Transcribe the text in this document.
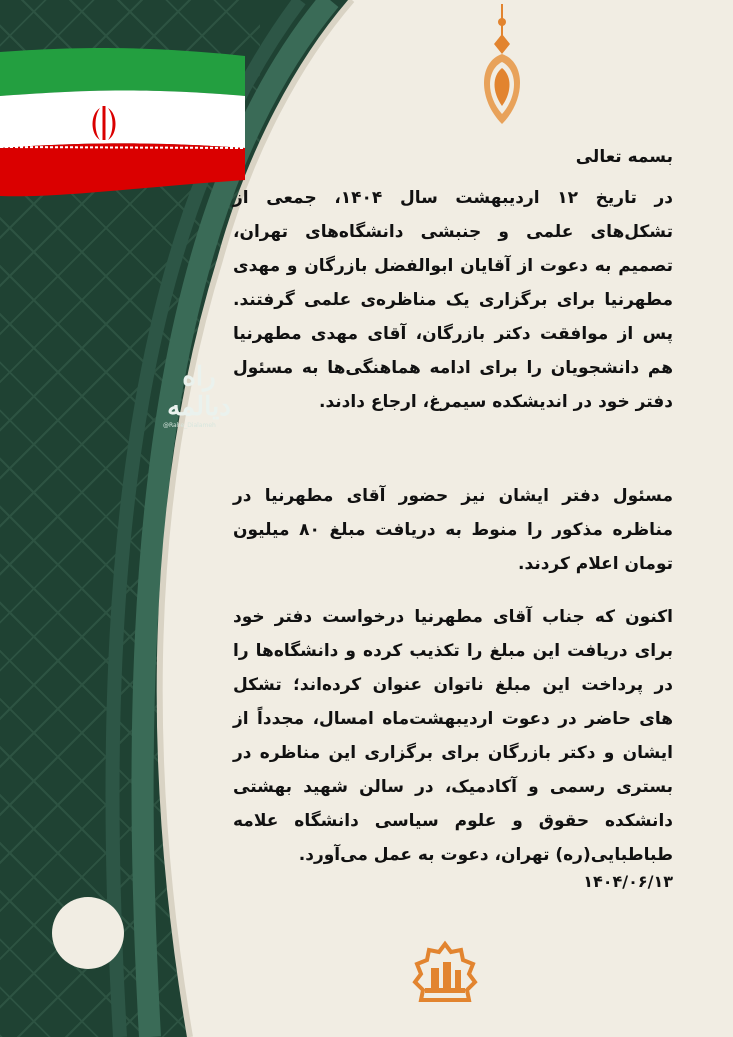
راه دیالمه
@Rahe_Dialameh
بسمه تعالی
در تاریخ ۱۲ اردیبهشت سال ۱۴۰۴، جمعی از تشکل‌های علمی و جنبشی دانشگاه‌های تهران، تصمیم به دعوت از آقایان ابوالفضل بازرگان و مهدی مطهرنیا برای برگزاری یک مناظره‌ی علمی گرفتند. پس از موافقت دکتر بازرگان، آقای مهدی مطهرنیا هم دانشجویان را برای ادامه هماهنگی‌ها به مسئول دفتر خود در اندیشکده سیمرغ، ارجاع دادند.
مسئول دفتر ایشان نیز حضور آقای مطهرنیا در مناظره مذکور را منوط به دریافت مبلغ ۸۰ میلیون تومان اعلام کردند.
اکنون که جناب آقای مطهرنیا درخواست دفتر خود برای دریافت این مبلغ را تکذیب کرده و دانشگاه‌ها را در پرداخت این مبلغ ناتوان عنوان کرده‌اند؛ تشکل های حاضر در دعوت اردیبهشت‌ماه امسال، مجدداً از ایشان و دکتر بازرگان برای برگزاری این مناظره در بستری رسمی و آکادمیک، در سالن شهید بهشتی دانشکده حقوق و علوم سیاسی دانشگاه علامه طباطبایی(ره) تهران، دعوت به عمل می‌آورد.
۱۴۰۴/۰۶/۱۳
